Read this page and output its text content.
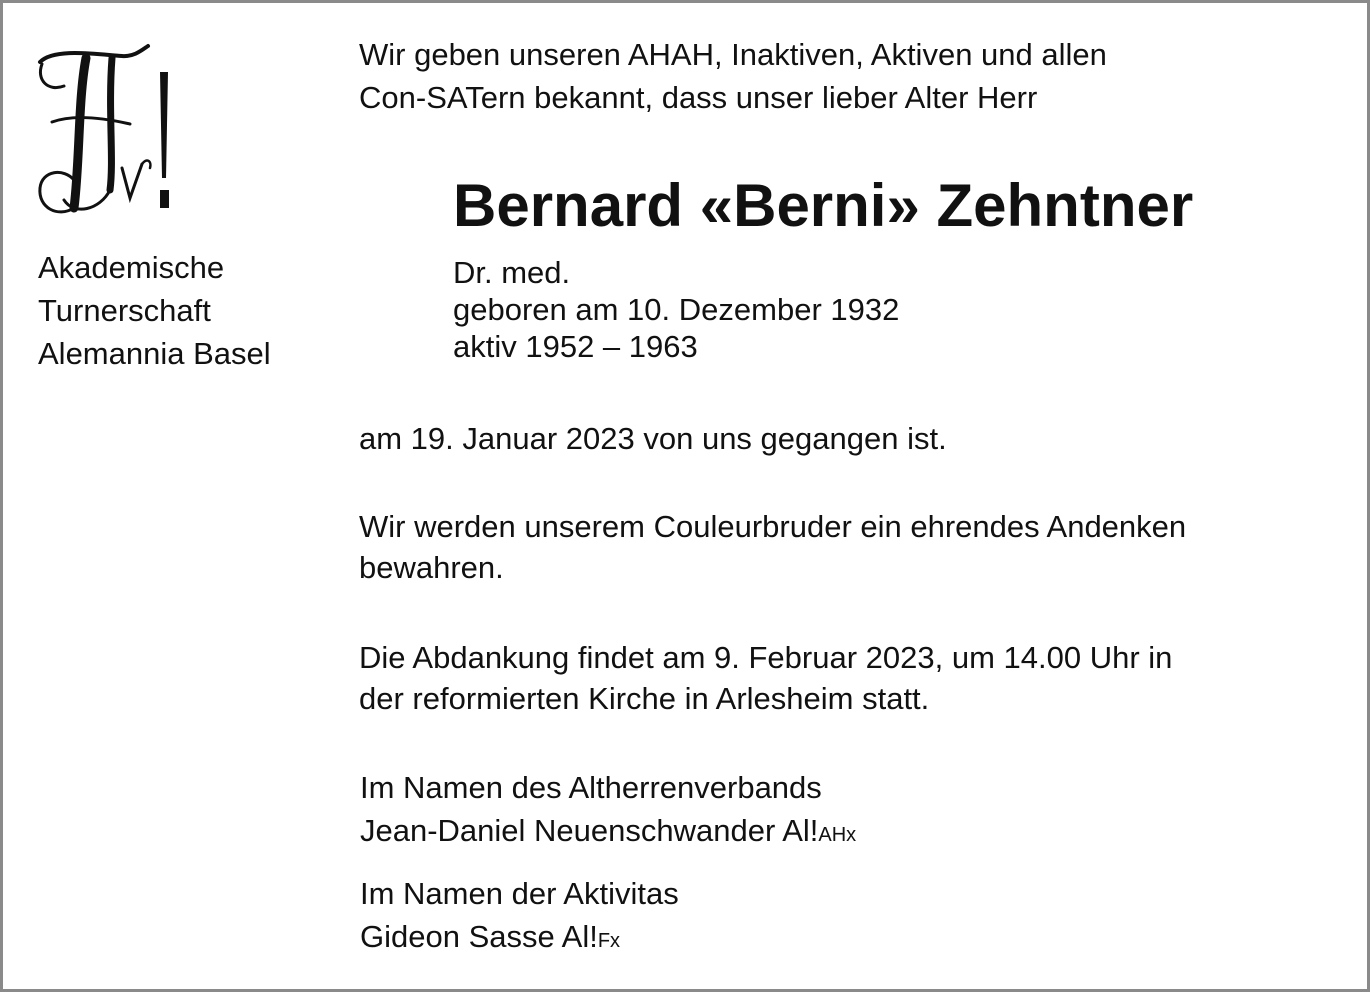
Akademische
Turnerschaft
Alemannia Basel
Wir geben unseren AHAH, Inaktiven, Aktiven und allen
Con-SATern bekannt, dass unser lieber Alter Herr
Bernard «Berni» Zehntner
Dr. med.
geboren am 10. Dezember 1932
aktiv 1952 – 1963
am 19. Januar 2023 von uns gegangen ist.
Wir werden unserem Couleurbruder ein ehrendes Andenken
bewahren.
Die Abdankung findet am 9. Februar 2023, um 14.00 Uhr in
der reformierten Kirche in Arlesheim statt.
Im Namen des Altherrenverbands
Jean-Daniel Neuenschwander Al!AHx
Im Namen der Aktivitas
Gideon Sasse Al!Fx
